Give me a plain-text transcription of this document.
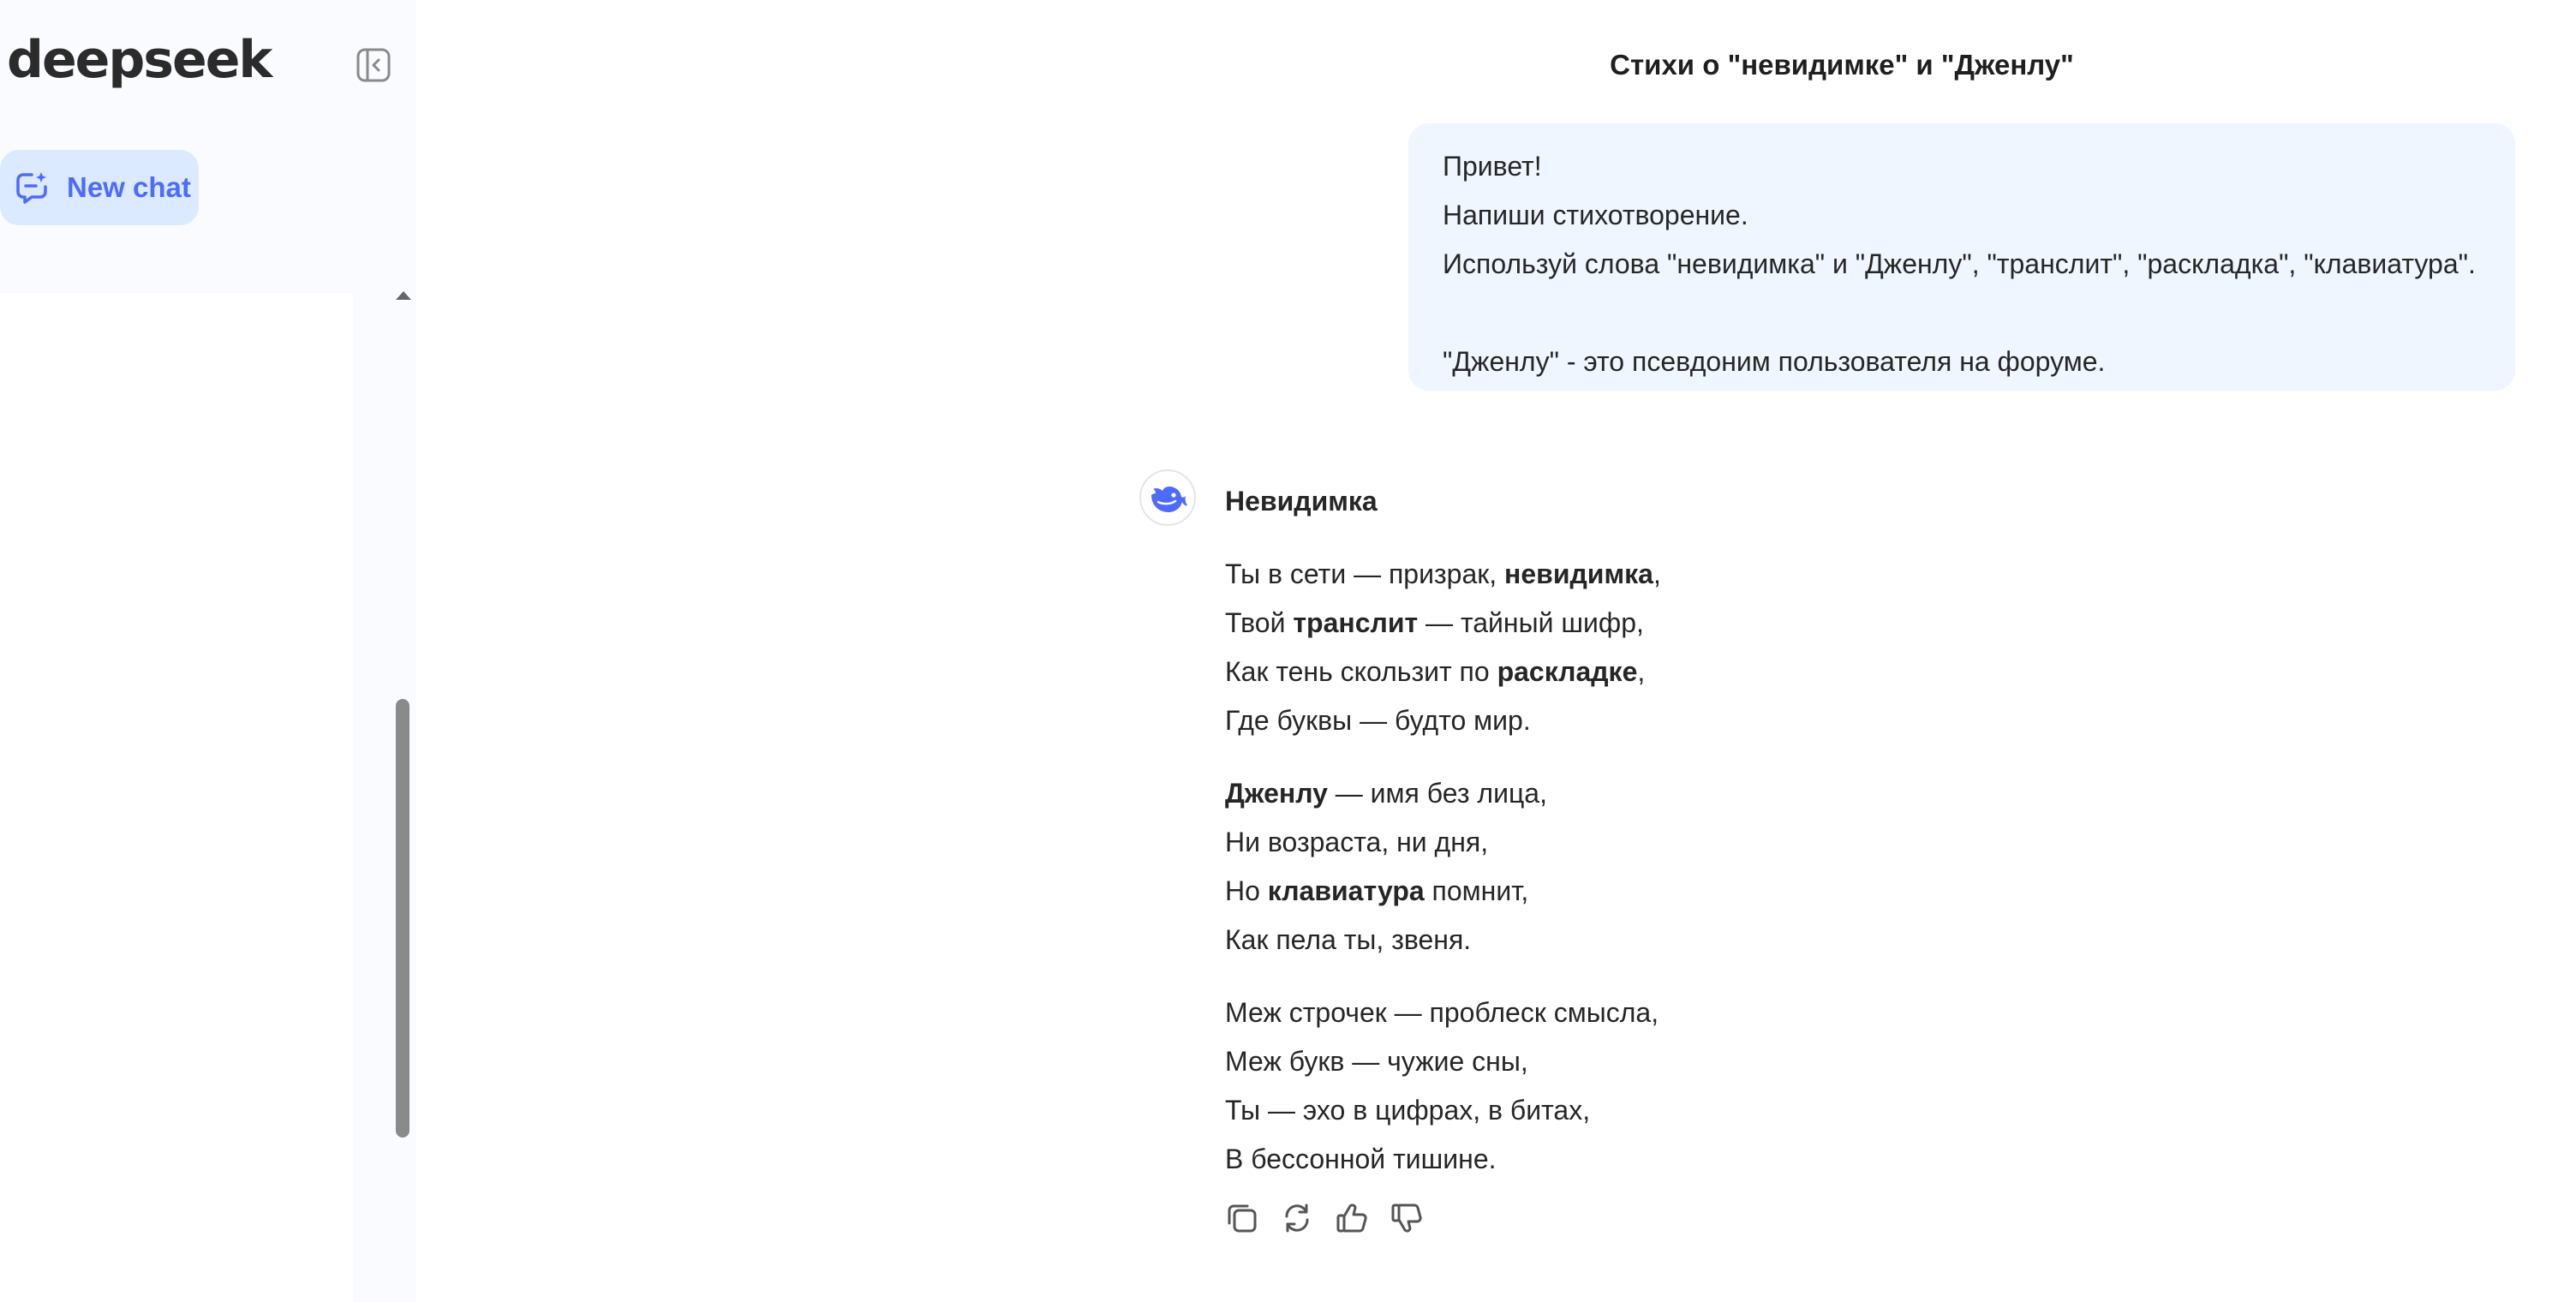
deepseek
New chat
Стихи о "невидимке" и "Дженлу"
Привет!
Напиши стихотворение.
Используй слова "невидимка" и "Дженлу", "транслит", "раскладка", "клавиатура".
"Дженлу" - это псевдоним пользователя на форуме.
Невидимка
Ты в сети — призрак, невидимка,
Твой транслит — тайный шифр,
Как тень скользит по раскладке,
Где буквы — будто мир.
Дженлу — имя без лица,
Ни возраста, ни дня,
Но клавиатура помнит,
Как пела ты, звеня.
Меж строчек — проблеск смысла,
Меж букв — чужие сны,
Ты — эхо в цифрах, в битах,
В бессонной тишине.
